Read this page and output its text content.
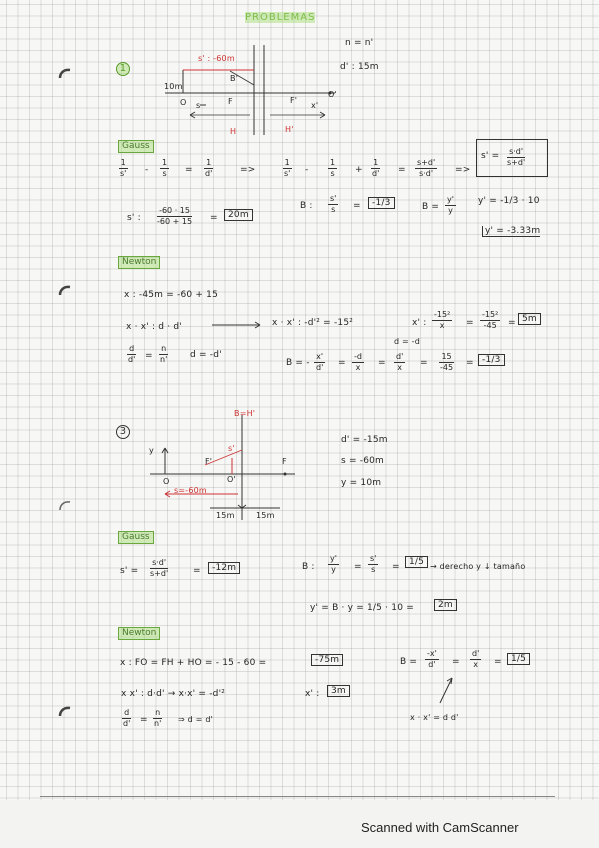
PROBLEMAS
1
n = n'
d' : 15m
s' : -60m
B'
10m
O	F	F'
O'
H	H'
s	x'
Gauss
$\frac{1}{s'} - \frac{1}{s} = \frac{1}{d'}$	=>	$\frac{1}{s'} - \frac{1}{s} + \frac{1}{d'} = \frac{s+d'}{s\cdot d'}$ =>
$s' = \frac{s\cdot d'}{s+d'}$
s' : $\frac{-60 \cdot 15}{-60 + 15}$ =	20m
B : $\frac{s'}{s}$ =	-1/3	$B = \frac{y'}{y} y' = -1/3 \cdot 10$
y' = -3.33m
Newton
x : -45m = -60 + 15
x · x' : d · d'	x · x' : -d'² = -15²	x' : $\frac{\text{-15²}}{x} = \frac{\text{-15²}}{-45} = 5m$
$\frac{d}{d'} = \frac{n}{n'}$ d = -d'
B = - $\frac{x'}{d'} = \frac{-d}{x}$ =
d = -d
$\frac{d'}{x} = \frac{15}{-45} = -1/3$
3
B=H'
y	s'
F
F'
O	O'
s=-60m
15m	15m
d' = -15m
s = -60m
y = 10m
Gauss
$s' = \frac{s\cdot d'}{s+d'}$	=	-12m	B : $\frac{y'}{y} = \frac{s'}{s}$ =	1/5 → derecho y ↓ tamaño
y' = B · y = 1/5 · 10 =	2m
Newton
x : FO = FH + HO = - 15 - 60 =	-75m	$B = \frac{-x'}{d'} = \frac{d'}{x}$ =	1/5
x x' : d·d' → x·x' = -d'²	x' :	3m
$\frac{d}{d'} = \frac{n}{n'}$ ⇒ d = d'	x · x' = d d'
Scanned with CamScanner
